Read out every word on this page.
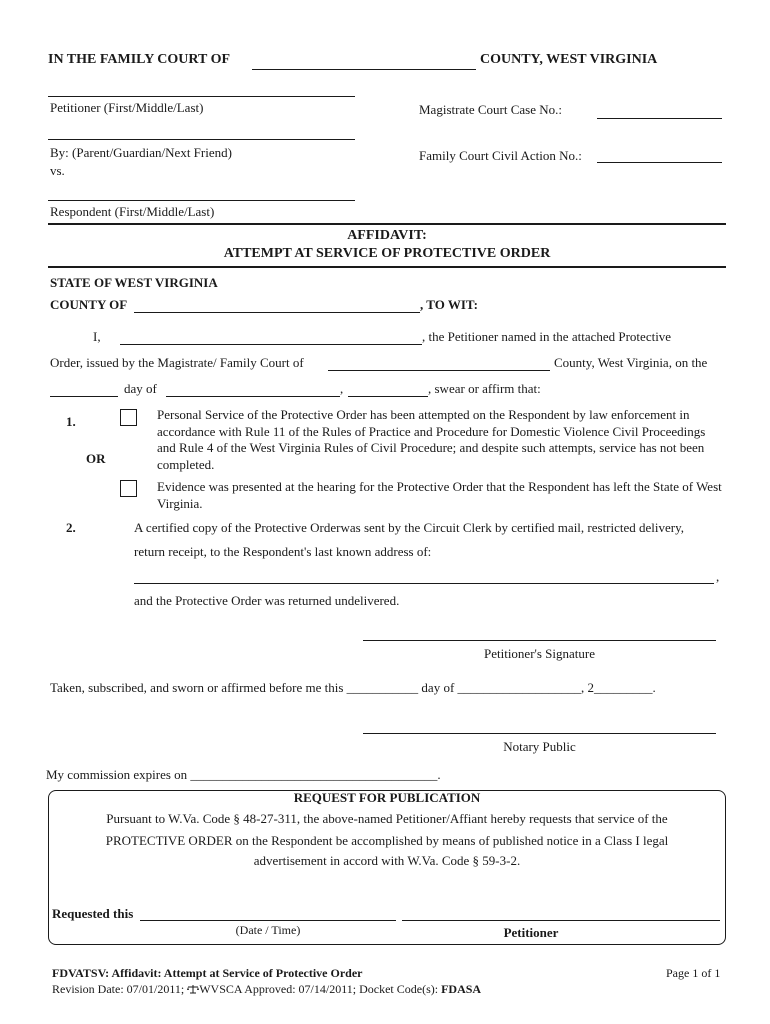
IN THE FAMILY COURT OF	COUNTY, WEST VIRGINIA
Petitioner (First/Middle/Last)
By: (Parent/Guardian/Next Friend)
vs.
Respondent (First/Middle/Last)
Magistrate Court Case No.:
Family Court Civil Action No.:
AFFIDAVIT:
ATTEMPT AT SERVICE OF PROTECTIVE ORDER
STATE OF WEST VIRGINIA
COUNTY OF	, TO WIT:
I,	, the Petitioner named in the attached Protective
Order, issued by the Magistrate/ Family Court of	County, West Virginia, on the
day of	,	, swear or affirm that:
1.	Personal Service of the Protective Order has been attempted on the Respondent by law enforcement in accordance with Rule 11 of the Rules of Practice and Procedure for Domestic Violence Civil Proceedings and Rule 4 of the West Virginia Rules of Civil Procedure; and despite such attempts, service has not been completed.
OR
Evidence was presented at the hearing for the Protective Order that the Respondent has left the State of West Virginia.
2.	A certified copy of the Protective Orderwas sent by the Circuit Clerk by certified mail, restricted delivery,
return receipt, to the Respondent's last known address of:
,
and the Protective Order was returned undelivered.
Petitioner's Signature
Taken, subscribed, and sworn or affirmed before me this ___________ day of ___________________, 2_________.
Notary Public
My commission expires on ______________________________________.
REQUEST FOR PUBLICATION
Pursuant to W.Va. Code § 48-27-311, the above-named Petitioner/Affiant hereby requests that service of the
PROTECTIVE ORDER on the Respondent be accomplished by means of published notice in a Class I legal
advertisement in accord with W.Va. Code § 59-3-2.
Requested this
(Date / Time)	Petitioner
FDVATSV: Affidavit: Attempt at Service of Protective Order	Page 1 of 1
Revision Date: 07/01/2011; WVSCA Approved: 07/14/2011; Docket Code(s): FDASA
